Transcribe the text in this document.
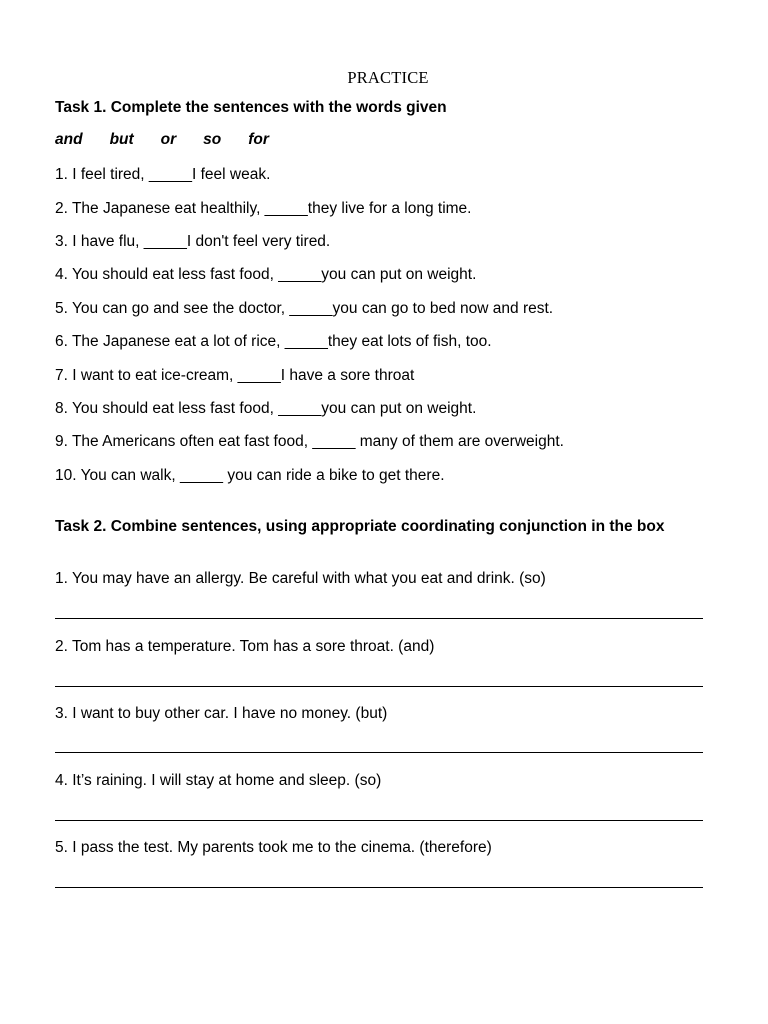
PRACTICE
Task 1. Complete the sentences with the words given
and but or so for
1. I feel tired, _____I feel weak.
2. The Japanese eat healthily, _____they live for a long time.
3. I have flu, _____I don't feel very tired.
4. You should eat less fast food, _____you can put on weight.
5. You can go and see the doctor, _____you can go to bed now and rest.
6. The Japanese eat a lot of rice, _____they eat lots of fish, too.
7. I want to eat ice-cream, _____I have a sore throat
8. You should eat less fast food, _____you can put on weight.
9. The Americans often eat fast food, _____ many of them are overweight.
10. You can walk, _____ you can ride a bike to get there.
Task 2. Combine sentences, using appropriate coordinating conjunction in the box
1. You may have an allergy. Be careful with what you eat and drink. (so)
2. Tom has a temperature. Tom has a sore throat. (and)
3. I want to buy other car. I have no money. (but)
4. It’s raining. I will stay at home and sleep. (so)
5. I pass the test. My parents took me to the cinema. (therefore)
